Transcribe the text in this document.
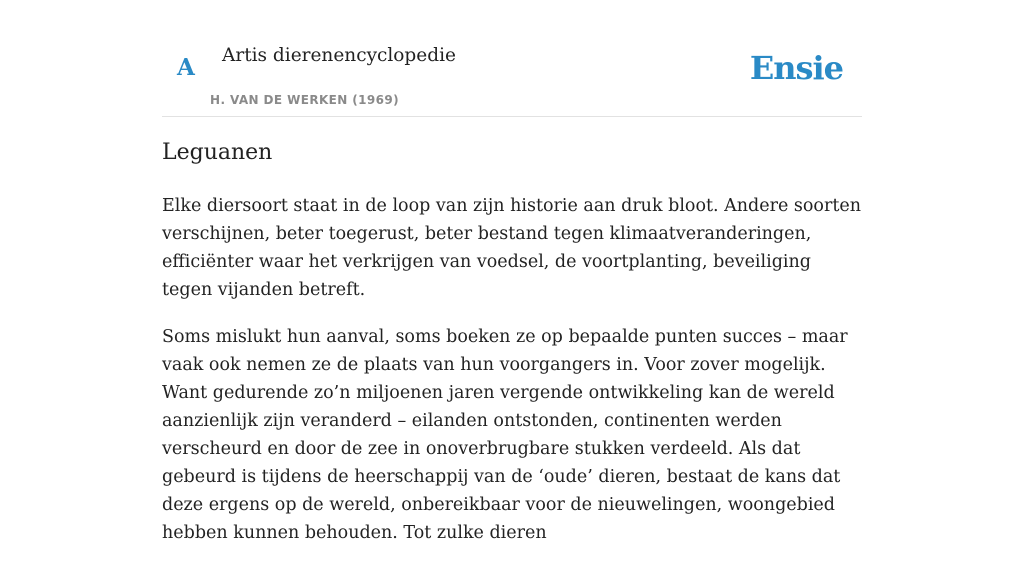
A Artis dierenencyclopedie
H. VAN DE WERKEN (1969)
Ensie
Leguanen

Elke diersoort staat in de loop van zijn historie aan druk bloot. Andere soorten verschijnen, beter toegerust, beter bestand tegen klimaatveranderingen, efficiënter waar het verkrijgen van voedsel, de voortplanting, beveiliging tegen vijanden betreft.

Soms mislukt hun aanval, soms boeken ze op bepaalde punten succes – maar vaak ook nemen ze de plaats van hun voorgangers in. Voor zover mogelijk. Want gedurende zo’n miljoenen jaren vergende ontwikkeling kan de wereld aanzienlijk zijn veranderd – eilanden ontstonden, continenten werden verscheurd en door de zee in onoverbrugbare stukken verdeeld. Als dat gebeurd is tijdens de heerschappij van de ‘oude’ dieren, bestaat de kans dat deze ergens op de wereld, onbereikbaar voor de nieuwelingen, woongebied hebben kunnen behouden. Tot zulke dieren
